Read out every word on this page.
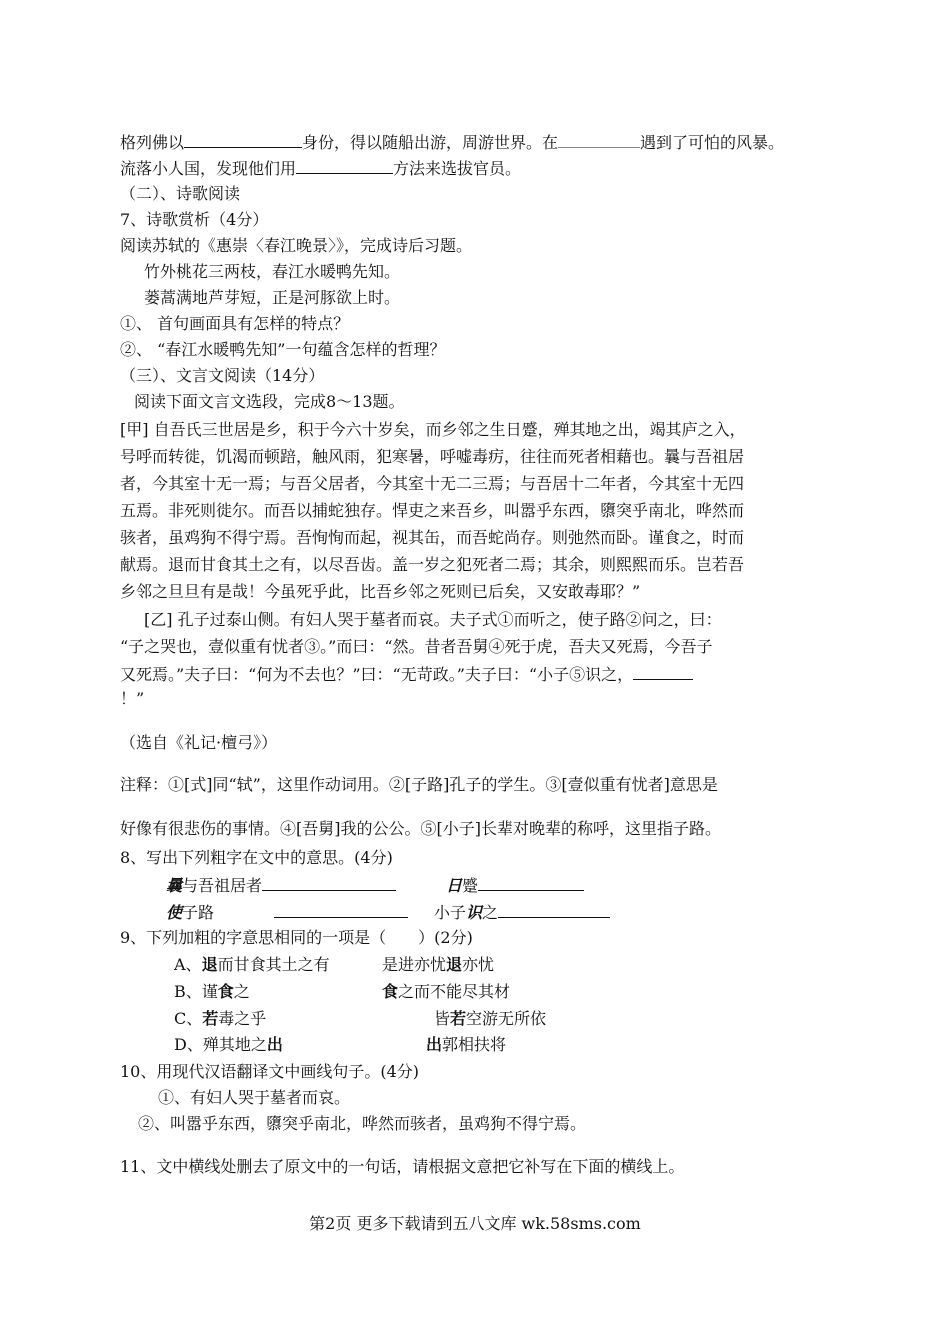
格列佛以	身份，得以随船出游，周游世界。在	遇到了可怕的风暴。
流落小人国，发现他们用	方法来选拔官员。
（二）、诗歌阅读
7、诗歌赏析（4分）
阅读苏轼的《惠崇〈春江晚景〉》，完成诗后习题。
竹外桃花三两枝，春江水暖鸭先知。
蒌蒿满地芦芽短，正是河豚欲上时。
①、 首句画面具有怎样的特点？
②、 “春江水暖鸭先知”一句蕴含怎样的哲理？
（三）、文言文阅读（14分）
阅读下面文言文选段，完成8～13题。
[甲] 自吾氏三世居是乡，积于今六十岁矣，而乡邻之生日蹙，殚其地之出，竭其庐之入，
号呼而转徙，饥渴而顿踣，触风雨，犯寒暑，呼嘘毒疠，往往而死者相藉也。曩与吾祖居
者，今其室十无一焉；与吾父居者，今其室十无二三焉；与吾居十二年者，今其室十无四
五焉。非死则徙尔。而吾以捕蛇独存。悍吏之来吾乡，叫嚣乎东西，隳突乎南北，哗然而
骇者，虽鸡狗不得宁焉。吾恂恂而起，视其缶，而吾蛇尚存。则弛然而卧。谨食之，时而
献焉。退而甘食其土之有，以尽吾齿。盖一岁之犯死者二焉；其余，则熙熙而乐。岂若吾
乡邻之旦旦有是哉！今虽死乎此，比吾乡邻之死则已后矣，又安敢毒耶？”
[乙] 孔子过泰山侧。有妇人哭于墓者而哀。夫子式①而听之，使子路②问之，曰：
“子之哭也，壹似重有忧者③。”而曰：“然。昔者吾舅④死于虎，吾夫又死焉，今吾子
又死焉。”夫子曰：“何为不去也？”曰：“无苛政。”夫子曰：“小子⑤识之，
！”
（选自《礼记·檀弓》）
注释：①[式]同“轼”，这里作动词用。②[子路]孔子的学生。③[壹似重有忧者]意思是
好像有很悲伤的事情。④[吾舅]我的公公。⑤[小子]长辈对晚辈的称呼，这里指子路。
8、写出下列粗字在文中的意思。(4分)
曩与吾祖居者	日蹙
使子路	小子识之
9、下列加粗的字意思相同的一项是（　　）(2分)
A、退而甘食其土之有	是进亦忧退亦忧
B、谨食之	食之而不能尽其材
C、若毒之乎	皆若空游无所依
D、殚其地之出	出郭相扶将
10、用现代汉语翻译文中画线句子。(4分)
①、有妇人哭于墓者而哀。
②、叫嚣乎东西，隳突乎南北，哗然而骇者，虽鸡狗不得宁焉。
11、文中横线处删去了原文中的一句话，请根据文意把它补写在下面的横线上。
第2页 更多下载请到五八文库 wk.58sms.com
